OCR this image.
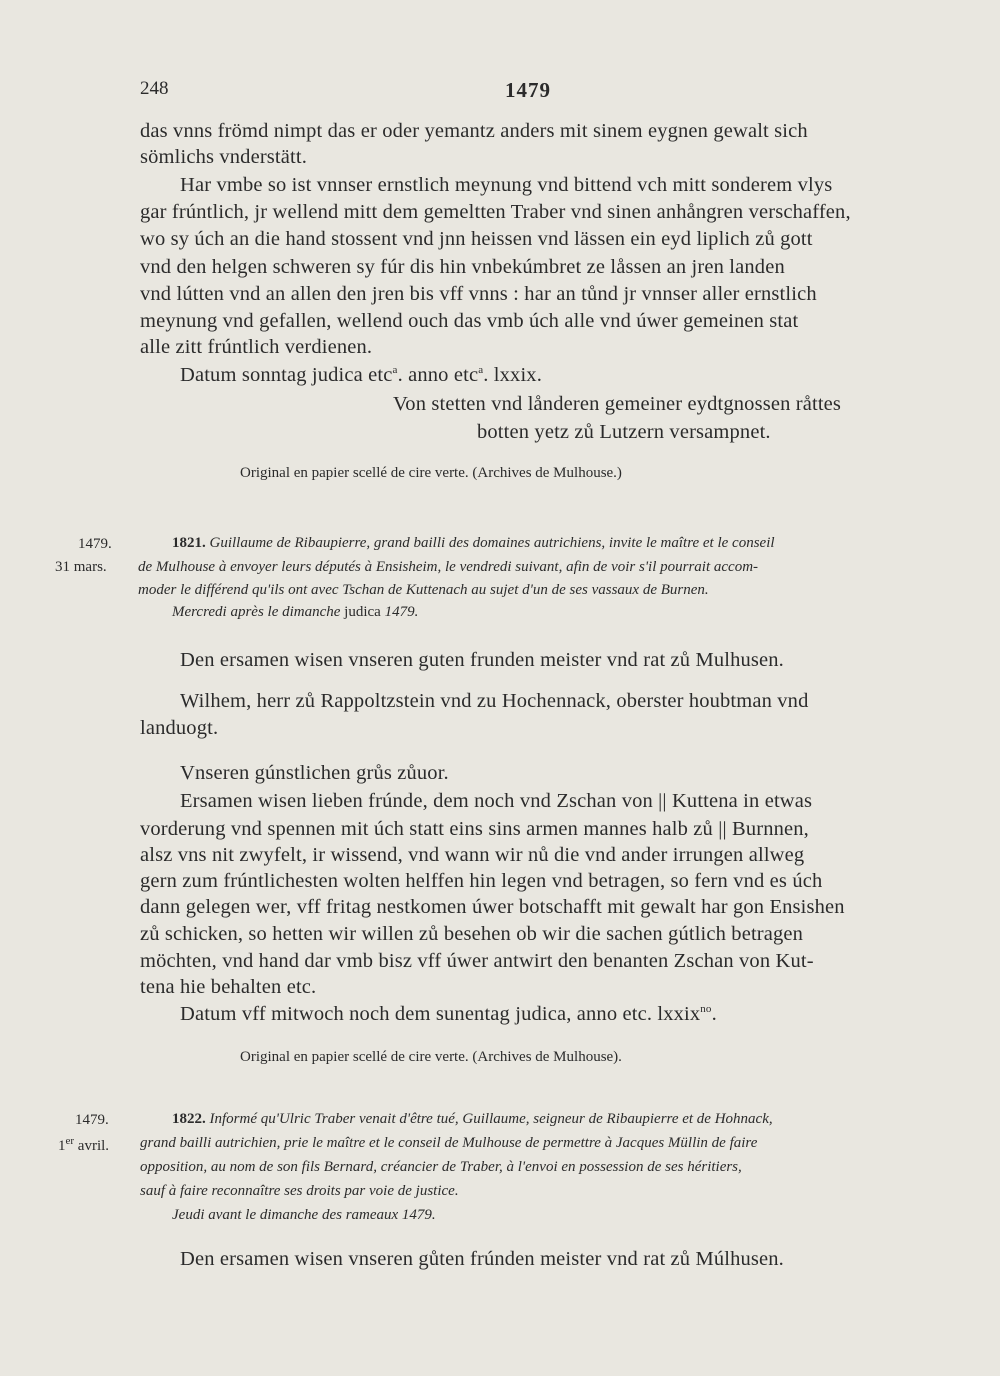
248	1479
das vnns frömd nimpt das er oder yemantz anders mit sinem eygnen gewalt sich
sömlichs vnderstätt.
Har vmbe so ist vnnser ernstlich meynung vnd bittend vch mitt sonderem vlys
gar frúntlich, jr wellend mitt dem gemeltten Traber vnd sinen anhångren verschaffen,
wo sy úch an die hand stossent vnd jnn heissen vnd lässen ein eyd liplich zů gott
vnd den helgen schweren sy fúr dis hin vnbekúmbret ze låssen an jren landen
vnd lútten vnd an allen den jren bis vff vnns : har an tůnd jr vnnser aller ernstlich
meynung vnd gefallen, wellend ouch das vmb úch alle vnd úwer gemeinen stat
alle zitt frúntlich verdienen.
Datum sonntag judica etc$^a$. anno etc$^a$. lxxix.
Von stetten vnd lånderen gemeiner eydtgnossen råttes
botten yetz zů Lutzern versampnet.
Original en papier scellé de cire verte. (Archives de Mulhouse.)
1479.
31 mars.
1821. Guillaume de Ribaupierre, grand bailli des domaines autrichiens, invite le maître et le conseil
de Mulhouse à envoyer leurs députés à Ensisheim, le vendredi suivant, afin de voir s'il pourrait accom-
moder le différend qu'ils ont avec Tschan de Kuttenach au sujet d'un de ses vassaux de Burnen.
Mercredi après le dimanche judica 1479.
Den ersamen wisen vnseren guten frunden meister vnd rat zů Mulhusen.
Wilhem, herr zů Rappoltzstein vnd zu Hochennack, oberster houbtman vnd
landuogt.
Vnseren gúnstlichen grůs zůuor.
Ersamen wisen lieben frúnde, dem noch vnd Zschan von || Kuttena in etwas
vorderung vnd spennen mit úch statt eins sins armen mannes halb zů || Burnnen,
alsz vns nit zwyfelt, ir wissend, vnd wann wir nů die vnd ander irrungen allweg
gern zum frúntlichesten wolten helffen hin legen vnd betragen, so fern vnd es úch
dann gelegen wer, vff fritag nestkomen úwer botschafft mit gewalt har gon Ensishen
zů schicken, so hetten wir willen zů besehen ob wir die sachen gútlich betragen
möchten, vnd hand dar vmb bisz vff úwer antwirt den benanten Zschan von Kut-
tena hie behalten etc.
Datum vff mitwoch noch dem sunentag judica, anno etc. lxxix$^{no}$.
Original en papier scellé de cire verte. (Archives de Mulhouse).
1479.
1er avril.
1822. Informé qu'Ulric Traber venait d'être tué, Guillaume, seigneur de Ribaupierre et de Hohnack,
grand bailli autrichien, prie le maître et le conseil de Mulhouse de permettre à Jacques Müllin de faire
opposition, au nom de son fils Bernard, créancier de Traber, à l'envoi en possession de ses héritiers,
sauf à faire reconnaître ses droits par voie de justice.
Jeudi avant le dimanche des rameaux 1479.
Den ersamen wisen vnseren gůten frúnden meister vnd rat zů Múlhusen.
